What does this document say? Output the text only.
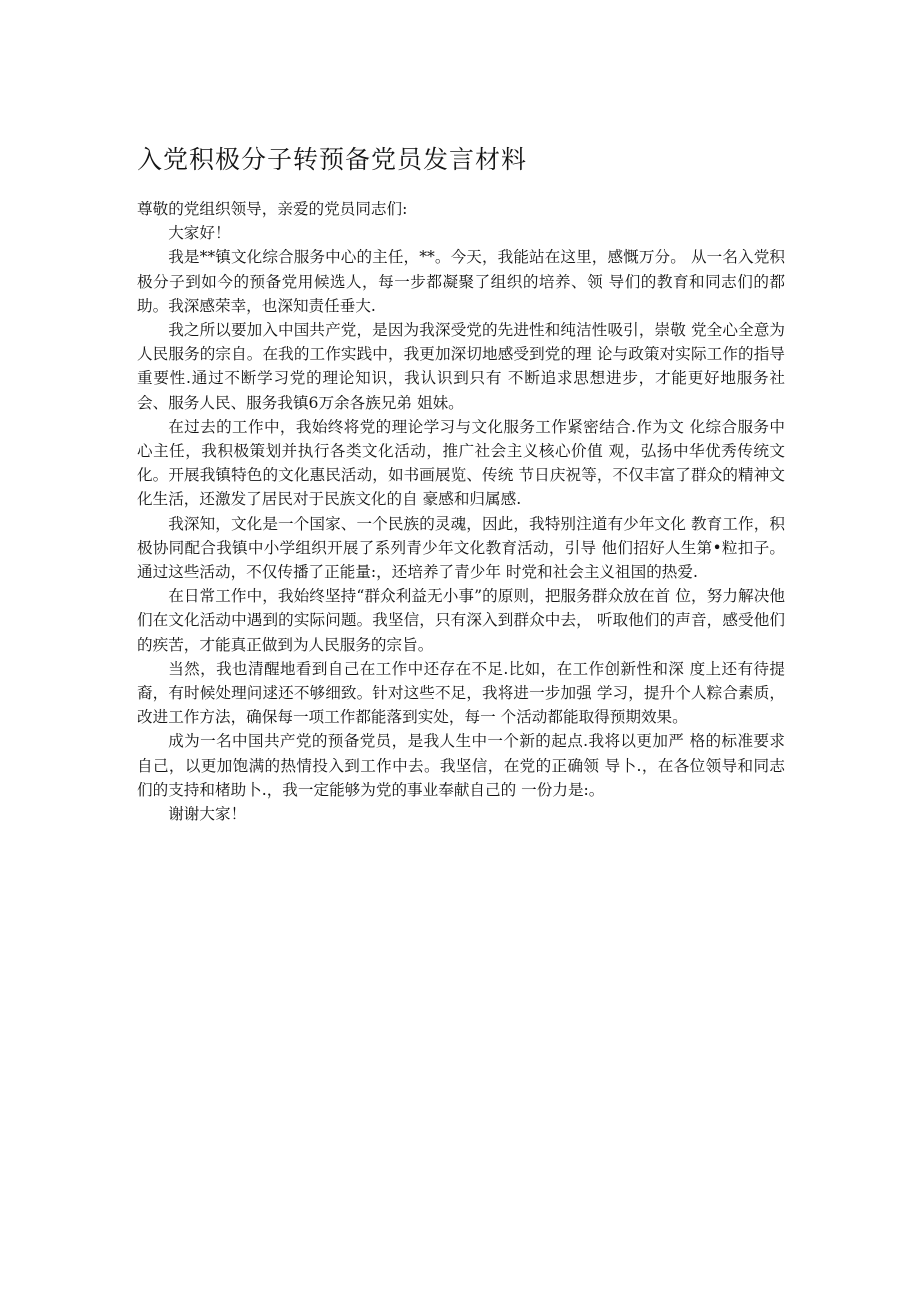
入党积极分子转预备党员发言材料

尊敬的党组织领导，亲爱的党员同志们:

大家好！

我是**镇文化综合服务中心的主任，**。今天，我能站在这里，感慨万分。 从一名入党积极分子到如今的预备党用候选人，每一步都凝聚了组织的培养、领 导们的教育和同志们的都助。我深感荣幸，也深知责任垂大.

我之所以要加入中国共产党，是因为我深受党的先进性和纯洁性吸引，崇敬 党全心全意为人民服务的宗自。在我的工作实践中，我更加深切地感受到党的理 论与政策对实际工作的指导重要性.通过不断学习党的理论知识，我认识到只有 不断追求思想进步，才能更好地服务社会、服务人民、服务我镇6万余各族兄弟 姐妹。

在过去的工作中，我始终将党的理论学习与文化服务工作紧密结合.作为文 化综合服务中心主任，我积极策划并执行各类文化活动，推广社会主义核心价值 观，弘扬中华优秀传统文化。开展我镇特色的文化惠民活动，如书画展览、传统 节日庆祝等，不仅丰富了群众的精神文化生活，还激发了居民对于民族文化的自 豪感和归属感.

我深知，文化是一个国家、一个民族的灵魂，因此，我特别注道有少年文化 教育工作，积极协同配合我镇中小学组织开展了系列青少年文化教育活动，引导 他们招好人生第•粒扣子。通过这些活动，不仅传播了正能量:，还培养了青少年 时党和社会主义祖国的热爱.

在日常工作中，我始终坚持“群众利益无小事”的原则，把服务群众放在首 位，努力解决他们在文化活动中遇到的实际问题。我坚信，只有深入到群众中去， 听取他们的声音，感受他们的疾苦，才能真正做到为人民服务的宗旨。

当然，我也清醒地看到自己在工作中还存在不足.比如，在工作创新性和深 度上还有待提裔，有时候处理问逑还不够细致。针对这些不足，我将进一步加强 学习，提升个人粽合素质，改进工作方法，确保每一项工作都能落到实处，每一 个活动都能取得预期效果。

成为一名中国共产党的预备党员，是我人生中一个新的起点.我将以更加严 格的标准要求自己，以更加饱满的热情投入到工作中去。我坚信，在党的正确领 导卜.，在各位领导和同志们的支持和楮助卜.，我一定能够为党的事业奉献自己的 一份力是:。

谢谢大家！
